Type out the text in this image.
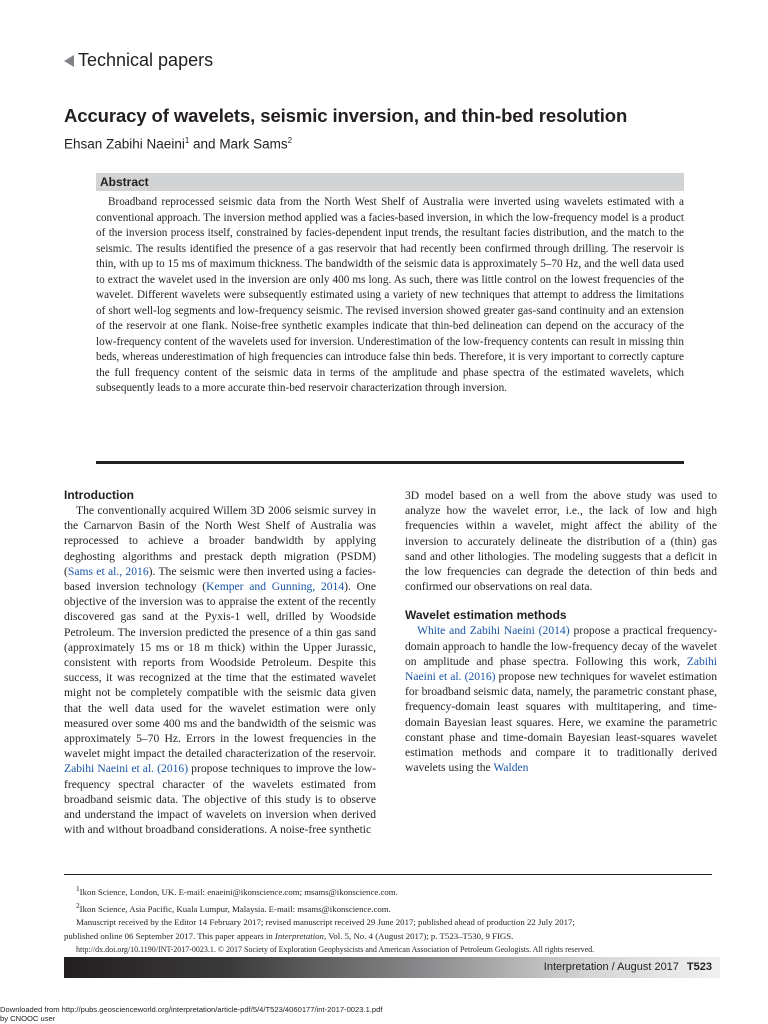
Technical papers
Accuracy of wavelets, seismic inversion, and thin-bed resolution
Ehsan Zabihi Naeini$^1$ and Mark Sams$^2$
Abstract
Broadband reprocessed seismic data from the North West Shelf of Australia were inverted using wavelets estimated with a conventional approach. The inversion method applied was a facies-based inversion, in which the low-frequency model is a product of the inversion process itself, constrained by facies-dependent input trends, the resultant facies distribution, and the match to the seismic. The results identified the presence of a gas reservoir that had recently been confirmed through drilling. The reservoir is thin, with up to 15 ms of maximum thickness. The bandwidth of the seismic data is approximately 5–70 Hz, and the well data used to extract the wavelet used in the inversion are only 400 ms long. As such, there was little control on the lowest frequencies of the wavelet. Different wavelets were subsequently estimated using a variety of new techniques that attempt to address the limitations of short well-log segments and low-frequency seismic. The revised inversion showed greater gas-sand continuity and an extension of the reservoir at one flank. Noise-free synthetic examples indicate that thin-bed delineation can depend on the accuracy of the low-frequency content of the wavelets used for inversion. Underestimation of the low-frequency contents can result in missing thin beds, whereas underestimation of high frequencies can introduce false thin beds. Therefore, it is very important to correctly capture the full frequency content of the seismic data in terms of the amplitude and phase spectra of the estimated wavelets, which subsequently leads to a more accurate thin-bed reservoir characterization through inversion.
Introduction

The conventionally acquired Willem 3D 2006 seismic survey in the Carnarvon Basin of the North West Shelf of Australia was reprocessed to achieve a broader bandwidth by applying deghosting algorithms and prestack depth migration (PSDM) (Sams et al., 2016). The seismic were then inverted using a facies-based inversion technology (Kemper and Gunning, 2014). One objective of the inversion was to appraise the extent of the recently discovered gas sand at the Pyxis-1 well, drilled by Woodside Petroleum. The inversion predicted the presence of a thin gas sand (approximately 15 ms or 18 m thick) within the Upper Jurassic, consistent with reports from Woodside Petroleum. Despite this success, it was recognized at the time that the estimated wavelet might not be completely compatible with the seismic data given that the well data used for the wavelet estimation were only measured over some 400 ms and the bandwidth of the seismic was approximately 5–70 Hz. Errors in the lowest frequencies in the wavelet might impact the detailed characterization of the reservoir. Zabihi Naeini et al. (2016) propose techniques to improve the low-frequency spectral character of the wavelets estimated from broadband seismic data. The objective of this study is to observe and understand the impact of wavelets on inversion when derived with and without broadband considerations. A noise-free synthetic

3D model based on a well from the above study was used to analyze how the wavelet error, i.e., the lack of low and high frequencies within a wavelet, might affect the ability of the inversion to accurately delineate the distribution of a (thin) gas sand and other lithologies. The modeling suggests that a deficit in the low frequencies can degrade the detection of thin beds and confirmed our observations on real data.

Wavelet estimation methods

White and Zabihi Naeini (2014) propose a practical frequency-domain approach to handle the low-frequency decay of the wavelet on amplitude and phase spectra. Following this work, Zabihi Naeini et al. (2016) propose new techniques for wavelet estimation for broadband seismic data, namely, the parametric constant phase, frequency-domain least squares with multitapering, and time-domain Bayesian least squares. Here, we examine the parametric constant phase and time-domain Bayesian least-squares wavelet estimation methods and compare it to traditionally derived wavelets using the Walden

$^1$Ikon Science, London, UK. E-mail: enaeini@ikonscience.com; msams@ikonscience.com.
$^2$Ikon Science, Asia Pacific, Kuala Lumpur, Malaysia. E-mail: msams@ikonscience.com.
Manuscript received by the Editor 14 February 2017; revised manuscript received 29 June 2017; published ahead of production 22 July 2017;
published online 06 September 2017. This paper appears in Interpretation, Vol. 5, No. 4 (August 2017); p. T523–T530, 9 FIGS.
http://dx.doi.org/10.1190/INT-2017-0023.1. © 2017 Society of Exploration Geophysicists and American Association of Petroleum Geologists. All rights reserved.
Interpretation / August 2017 T523
Downloaded from http://pubs.geoscienceworld.org/interpretation/article-pdf/5/4/T523/4060177/int-2017-0023.1.pdf
by CNOOC user
